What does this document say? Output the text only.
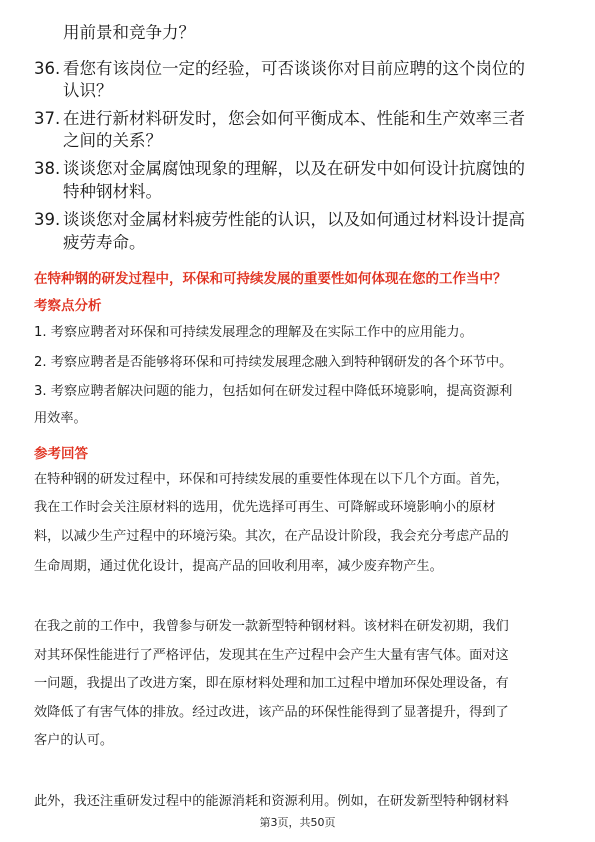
用前景和竞争力？
36. 看您有该岗位一定的经验，可否谈谈你对目前应聘的这个岗位的
认识？
37. 在进行新材料研发时，您会如何平衡成本、性能和生产效率三者
之间的关系？
38. 谈谈您对金属腐蚀现象的理解，以及在研发中如何设计抗腐蚀的
特种钢材料。
39. 谈谈您对金属材料疲劳性能的认识，以及如何通过材料设计提高
疲劳寿命。
在特种钢的研发过程中，环保和可持续发展的重要性如何体现在您的工作当中？
考察点分析
1. 考察应聘者对环保和可持续发展理念的理解及在实际工作中的应用能力。
2. 考察应聘者是否能够将环保和可持续发展理念融入到特种钢研发的各个环节中。
3. 考察应聘者解决问题的能力，包括如何在研发过程中降低环境影响，提高资源利
用效率。
参考回答
在特种钢的研发过程中，环保和可持续发展的重要性体现在以下几个方面。首先，
我在工作时会关注原材料的选用，优先选择可再生、可降解或环境影响小的原材
料，以减少生产过程中的环境污染。其次，在产品设计阶段，我会充分考虑产品的
生命周期，通过优化设计，提高产品的回收利用率，减少废弃物产生。
在我之前的工作中，我曾参与研发一款新型特种钢材料。该材料在研发初期，我们
对其环保性能进行了严格评估，发现其在生产过程中会产生大量有害气体。面对这
一问题，我提出了改进方案，即在原材料处理和加工过程中增加环保处理设备，有
效降低了有害气体的排放。经过改进，该产品的环保性能得到了显著提升，得到了
客户的认可。
此外，我还注重研发过程中的能源消耗和资源利用。例如，在研发新型特种钢材料
第3页，共50页
